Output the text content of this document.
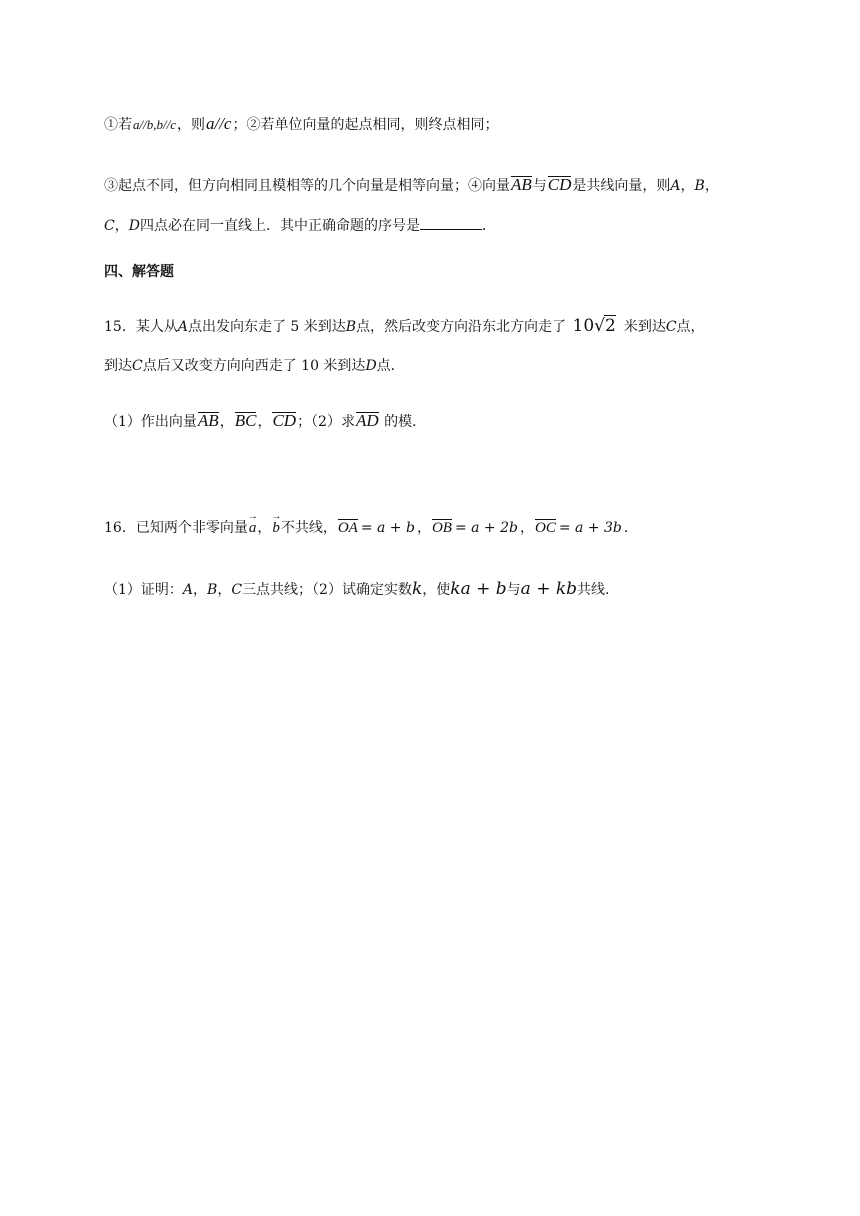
①若a//b,b//c，则a//c；②若单位向量的起点相同，则终点相同；
③起点不同，但方向相同且模相等的几个向量是相等向量；④向量AB与CD是共线向量，则A，B，
C，D四点必在同一直线上．其中正确命题的序号是	．
四、解答题
15．某人从A点出发向东走了 5 米到达B点，然后改变方向沿东北方向走了 10√2 米到达C点，
到达C点后又改变方向向西走了 10 米到达D点．
（1）作出向量AB，BC，CD；（2）求AD 的模．
16．已知两个非零向量a →，b →不共线，OA = a + b ，OB = a + 2b ，OC = a + 3b ．
（1）证明：A，B，C三点共线；（2）试确定实数k，使ka + b与a + kb共线.
